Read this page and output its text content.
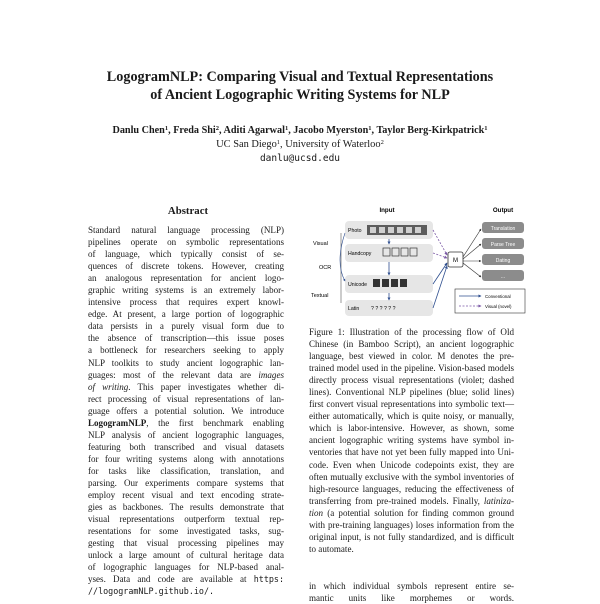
LogogramNLP: Comparing Visual and Textual Representations
of Ancient Logographic Writing Systems for NLP
Danlu Chen$^1$, Freda Shi$^2$, Aditi Agarwal$^1$, Jacobo Myerston$^1$, Taylor Berg-Kirkpatrick$^1$
UC San Diego$^1$, University of Waterloo$^2$
danlu@ucsd.edu
Abstract
Standard natural language processing (NLP)
pipelines operate on symbolic representations
of language, which typically consist of se-
quences of discrete tokens. However, creating
an analogous representation for ancient logo-
graphic writing systems is an extremely labor-
intensive process that requires expert knowl-
edge. At present, a large portion of logographic
data persists in a purely visual form due to
the absence of transcription—this issue poses
a bottleneck for researchers seeking to apply
NLP toolkits to study ancient logographic lan-
guages: most of the relevant data are images
of writing. This paper investigates whether di-
rect processing of visual representations of lan-
guage offers a potential solution. We introduce
LogogramNLP, the first benchmark enabling
NLP analysis of ancient logographic languages,
featuring both transcribed and visual datasets
for four writing systems along with annotations
for tasks like classification, translation, and
parsing. Our experiments compare systems that
employ recent visual and text encoding strate-
gies as backbones. The results demonstrate that
visual representations outperform textual rep-
resentations for some investigated tasks, sug-
gesting that visual processing pipelines may
unlock a large amount of cultural heritage data
of logographic languages for NLP-based anal-
yses. Data and code are available at https:
//logogramNLP.github.io/.
Input	Output
Visual
OCR
Textual
Photo
Handcopy
Unicode
Latin ? ? ? ? ? ?
M
Translation
Parse Tree
Dating
...
Conventional
Visual (novel)
Figure 1: Illustration of the processing flow of Old
Chinese (in Bamboo Script), an ancient logographic
language, best viewed in color. M denotes the pre-
trained model used in the pipeline. Vision-based models
directly process visual representations (violet; dashed
lines). Conventional NLP pipelines (blue; solid lines)
first convert visual representations into symbolic text—
either automatically, which is quite noisy, or manually,
which is labor-intensive. However, as shown, some
ancient logographic writing systems have symbol in-
ventories that have not yet been fully mapped into Uni-
code. Even when Unicode codepoints exist, they are
often mutually exclusive with the symbol inventories of
high-resource languages, reducing the effectiveness of
transferring from pre-trained models. Finally, latiniza-
tion (a potential solution for finding common ground
with pre-training languages) loses information from the
original input, is not fully standardized, and is difficult
to automate.
in which individual symbols represent entire se-
mantic units like morphemes or words.
